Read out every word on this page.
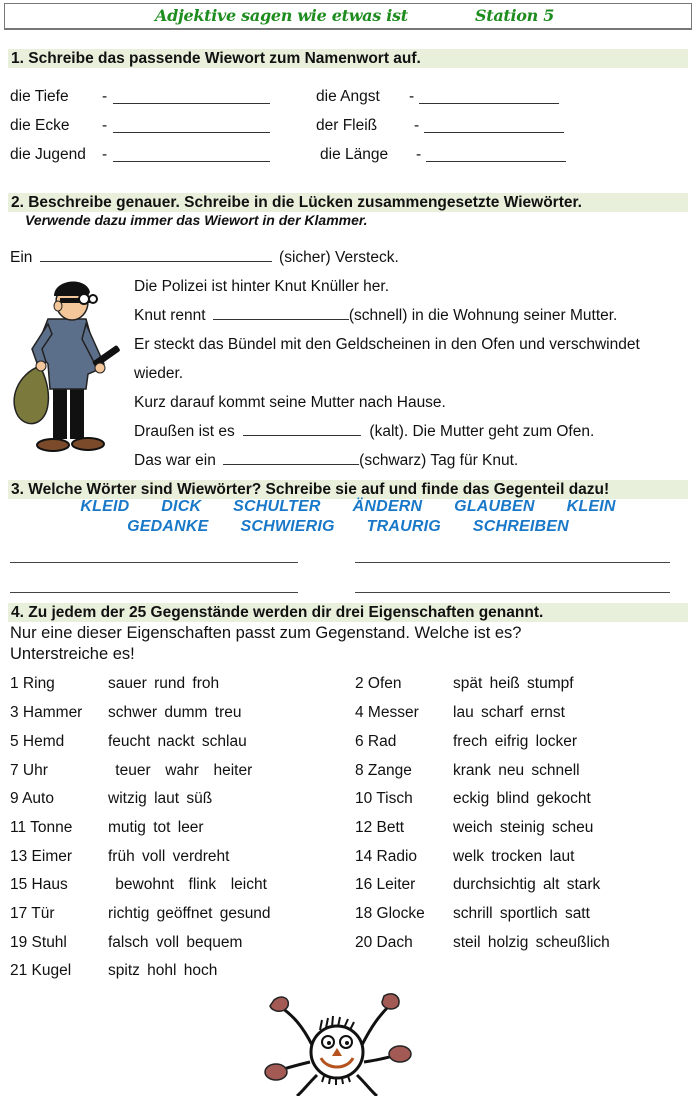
Adjektive sagen wie etwas ist	Station 5
1. Schreibe das passende Wiewort zum Namenwort auf.
die Tiefe -
die Ecke -
die Jugend -
die Angst -
der Fleiß -
die Länge -
2. Beschreibe genauer. Schreibe in die Lücken zusammengesetzte Wiewörter.
Verwende dazu immer das Wiewort in der Klammer.
Ein	(sicher) Versteck.
Die Polizei ist hinter Knut Knüller her.
Knut rennt	(schnell) in die Wohnung seiner Mutter.
Er steckt das Bündel mit den Geldscheinen in den Ofen und verschwindet
wieder.
Kurz darauf kommt seine Mutter nach Hause.
Draußen ist es	(kalt). Die Mutter geht zum Ofen.
Das war ein	(schwarz) Tag für Knut.
3. Welche Wörter sind Wiewörter? Schreibe sie auf und finde das Gegenteil dazu!
KLEID   DICK   SCHULTER   ÄNDERN   GLAUBEN   KLEIN
GEDANKE   SCHWIERIG   TRAURIG   SCHREIBEN
4. Zu jedem der 25 Gegenstände werden dir drei Eigenschaften genannt.
Nur eine dieser Eigenschaften passt zum Gegenstand. Welche ist es?
Unterstreiche es!
1 Ring	sauer rund froh
3 Hammer schwer dumm treu
5 Hemd	feucht nackt schlau
7 Uhr	teuer  wahr  heiter
9 Auto	witzig laut süß
11 Tonne mutig tot leer
13 Eimer früh voll verdreht
15 Haus	bewohnt  flink  leicht
17 Tür	richtig geöffnet gesund
19 Stuhl	falsch voll bequem
21 Kugel spitz hohl hoch
2 Ofen	spät heiß stumpf
4 Messer lau scharf ernst
6 Rad	frech eifrig locker
8 Zange	krank neu schnell
10 Tisch	eckig blind gekocht
12 Bett	weich steinig scheu
14 Radio welk trocken laut
16 Leiter durchsichtig alt stark
18 Glocke schrill sportlich satt
20 Dach	steil holzig scheußlich
